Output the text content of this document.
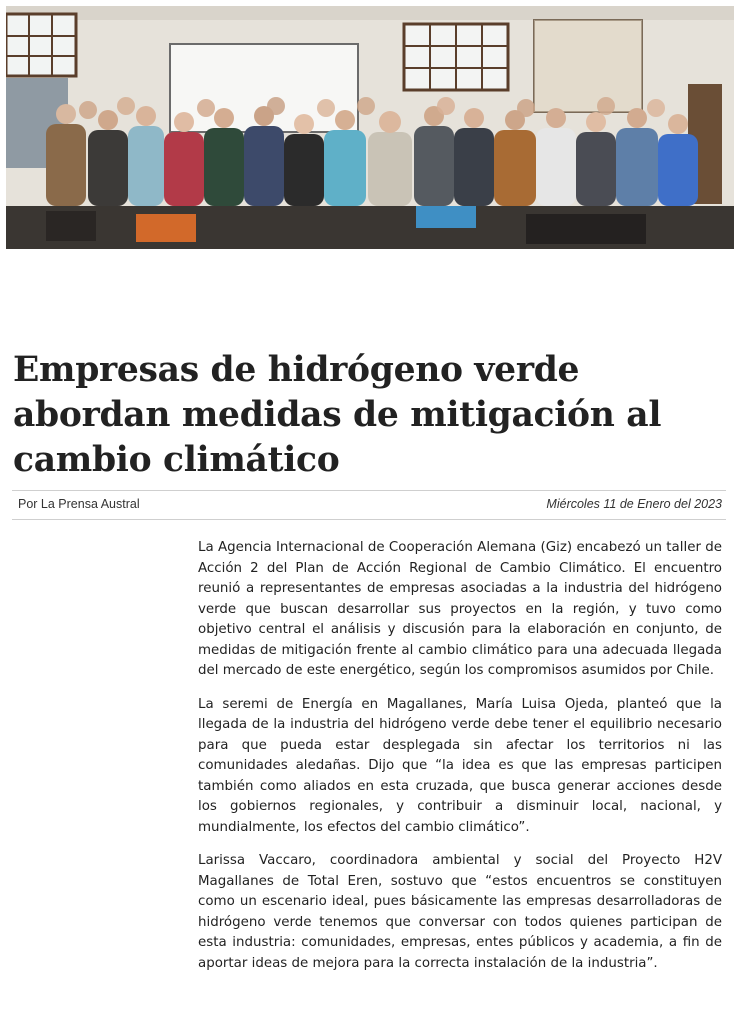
Empresas de hidrógeno verde abordan medidas de mitigación al cambio climático
Por La Prensa Austral	Miércoles 11 de Enero del 2023

La Agencia Internacional de Cooperación Alemana (Giz) encabezó un taller de Acción 2 del Plan de Acción Regional de Cambio Climático. El encuentro reunió a representantes de empresas asociadas a la industria del hidrógeno verde que buscan desarrollar sus proyectos en la región, y tuvo como objetivo central el análisis y discusión para la elaboración en conjunto, de medidas de mitigación frente al cambio climático para una adecuada llegada del mercado de este energético, según los compromisos asumidos por Chile.

La seremi de Energía en Magallanes, María Luisa Ojeda, planteó que la llegada de la industria del hidrógeno verde debe tener el equilibrio necesario para que pueda estar desplegada sin afectar los territorios ni las comunidades aledañas. Dijo que “la idea es que las empresas participen también como aliados en esta cruzada, que busca generar acciones desde los gobiernos regionales, y contribuir a disminuir local, nacional, y mundialmente, los efectos del cambio climático”.

Larissa Vaccaro, coordinadora ambiental y social del Proyecto H2V Magallanes de Total Eren, sostuvo que “estos encuentros se constituyen como un escenario ideal, pues básicamente las empresas desarrolladoras de hidrógeno verde tenemos que conversar con todos quienes participan de esta industria: comunidades, empresas, entes públicos y academia, a fin de aportar ideas de mejora para la correcta instalación de la industria”.
